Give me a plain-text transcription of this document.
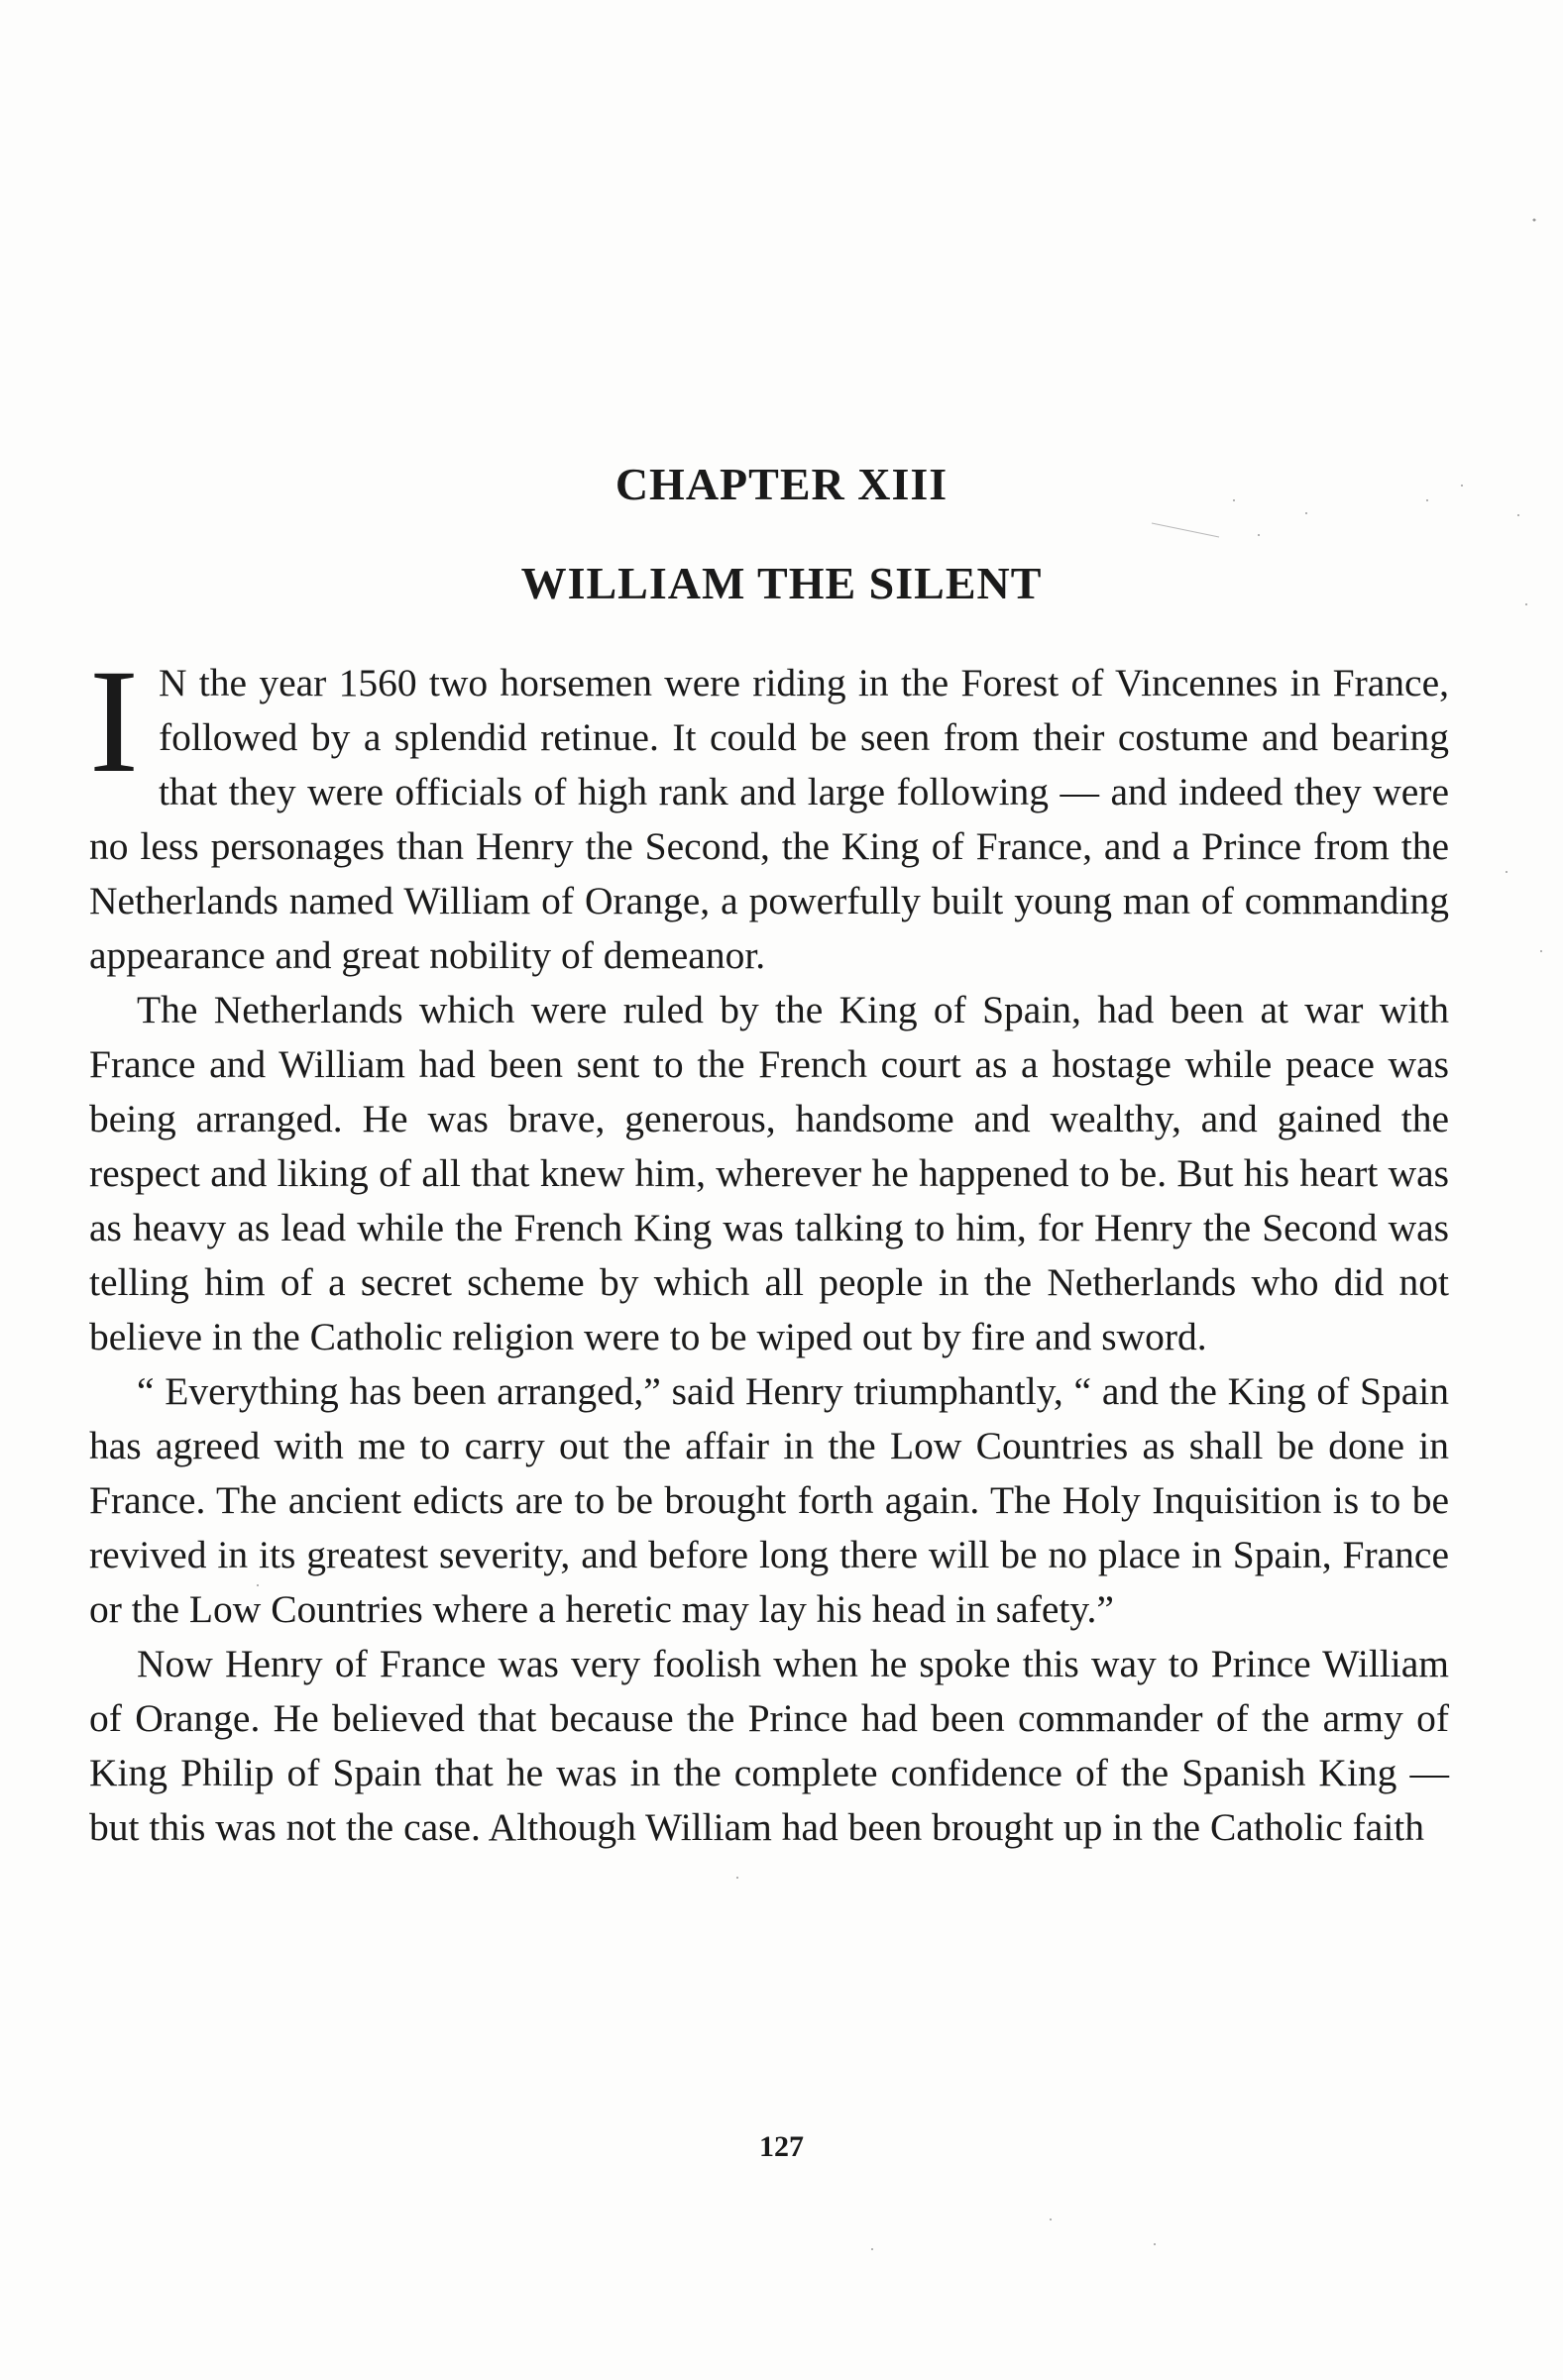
CHAPTER XIII
WILLIAM THE SILENT

I N the year 1560 two horsemen were riding in the Forest of Vincennes in France, followed by a splendid retinue. It could be seen from their costume and bearing that they were officials of high rank and large following — and indeed they were no less personages than Henry the Second, the King of France, and a Prince from the Netherlands named William of Orange, a powerfully built young man of commanding appearance and great nobility of demeanor.

The Netherlands which were ruled by the King of Spain, had been at war with France and William had been sent to the French court as a hostage while peace was being arranged. He was brave, generous, handsome and wealthy, and gained the respect and liking of all that knew him, wherever he happened to be. But his heart was as heavy as lead while the French King was talking to him, for Henry the Second was telling him of a secret scheme by which all people in the Netherlands who did not believe in the Catholic religion were to be wiped out by fire and sword.

“ Everything has been arranged,” said Henry triumphantly, “ and the King of Spain has agreed with me to carry out the affair in the Low Countries as shall be done in France. The ancient edicts are to be brought forth again. The Holy Inquisition is to be revived in its greatest severity, and before long there will be no place in Spain, France or the Low Countries where a heretic may lay his head in safety.”

Now Henry of France was very foolish when he spoke this way to Prince William of Orange. He believed that because the Prince had been commander of the army of King Philip of Spain that he was in the complete confidence of the Spanish King — but this was not the case. Although William had been brought up in the Catholic faith

127
